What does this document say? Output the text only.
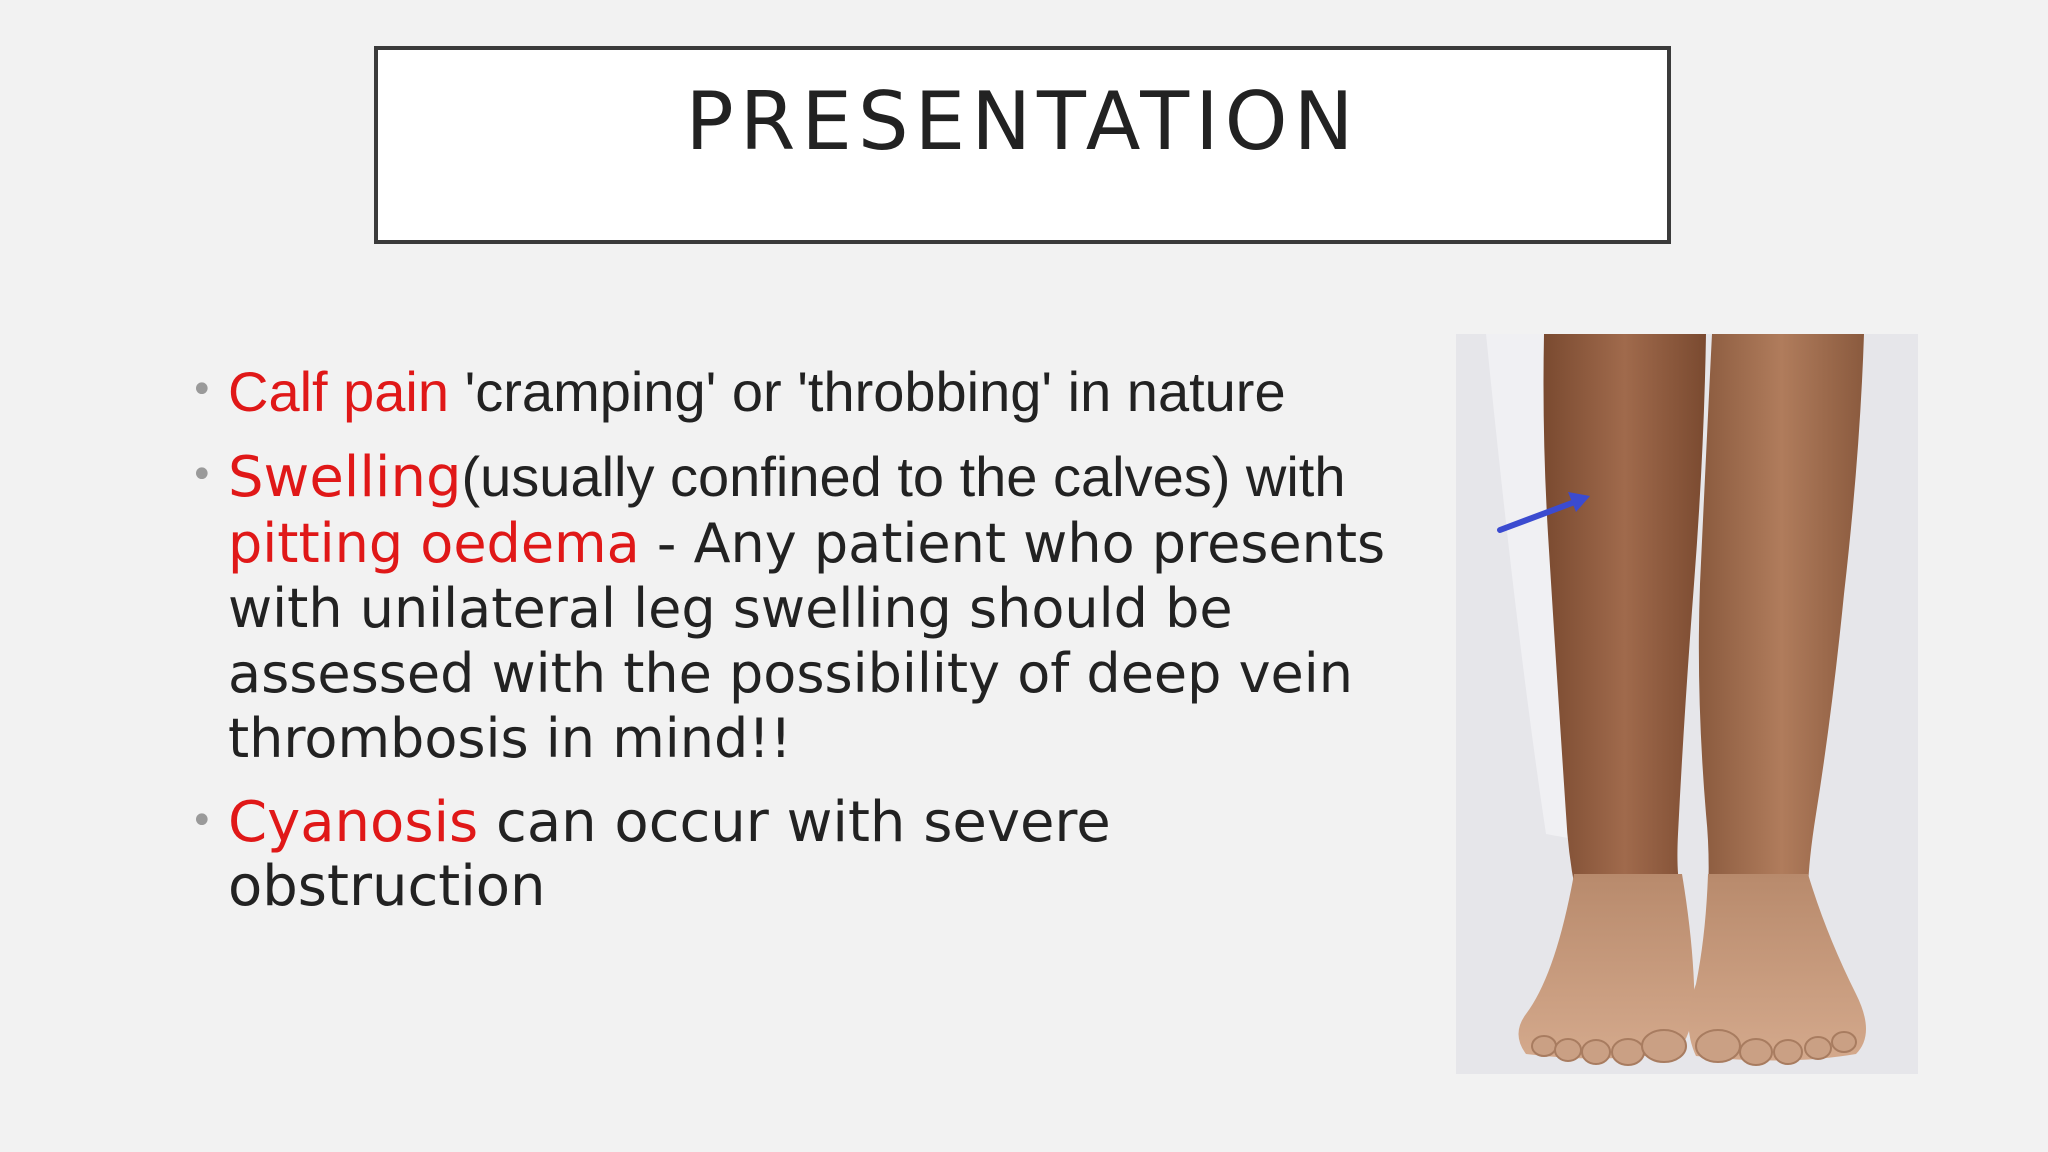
PRESENTATION
• Calf pain 'cramping' or 'throbbing' in nature
• Swelling(usually confined to the calves) with
pitting oedema - Any patient who presents
with unilateral leg swelling should be
assessed with the possibility of deep vein
thrombosis in mind!!
• Cyanosis can occur with severe obstruction
